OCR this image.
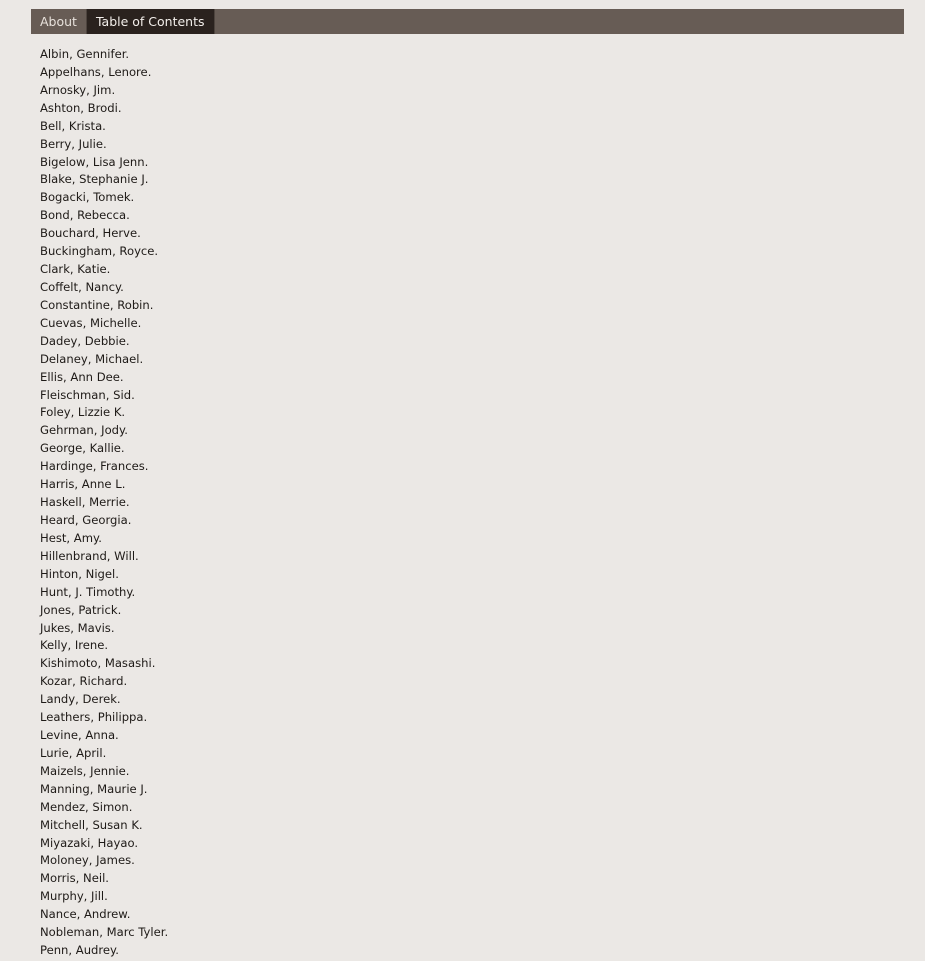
About	Table of Contents
Albin, Gennifer.
Appelhans, Lenore.
Arnosky, Jim.
Ashton, Brodi.
Bell, Krista.
Berry, Julie.
Bigelow, Lisa Jenn.
Blake, Stephanie J.
Bogacki, Tomek.
Bond, Rebecca.
Bouchard, Herve.
Buckingham, Royce.
Clark, Katie.
Coffelt, Nancy.
Constantine, Robin.
Cuevas, Michelle.
Dadey, Debbie.
Delaney, Michael.
Ellis, Ann Dee.
Fleischman, Sid.
Foley, Lizzie K.
Gehrman, Jody.
George, Kallie.
Hardinge, Frances.
Harris, Anne L.
Haskell, Merrie.
Heard, Georgia.
Hest, Amy.
Hillenbrand, Will.
Hinton, Nigel.
Hunt, J. Timothy.
Jones, Patrick.
Jukes, Mavis.
Kelly, Irene.
Kishimoto, Masashi.
Kozar, Richard.
Landy, Derek.
Leathers, Philippa.
Levine, Anna.
Lurie, April.
Maizels, Jennie.
Manning, Maurie J.
Mendez, Simon.
Mitchell, Susan K.
Miyazaki, Hayao.
Moloney, James.
Morris, Neil.
Murphy, Jill.
Nance, Andrew.
Nobleman, Marc Tyler.
Penn, Audrey.
